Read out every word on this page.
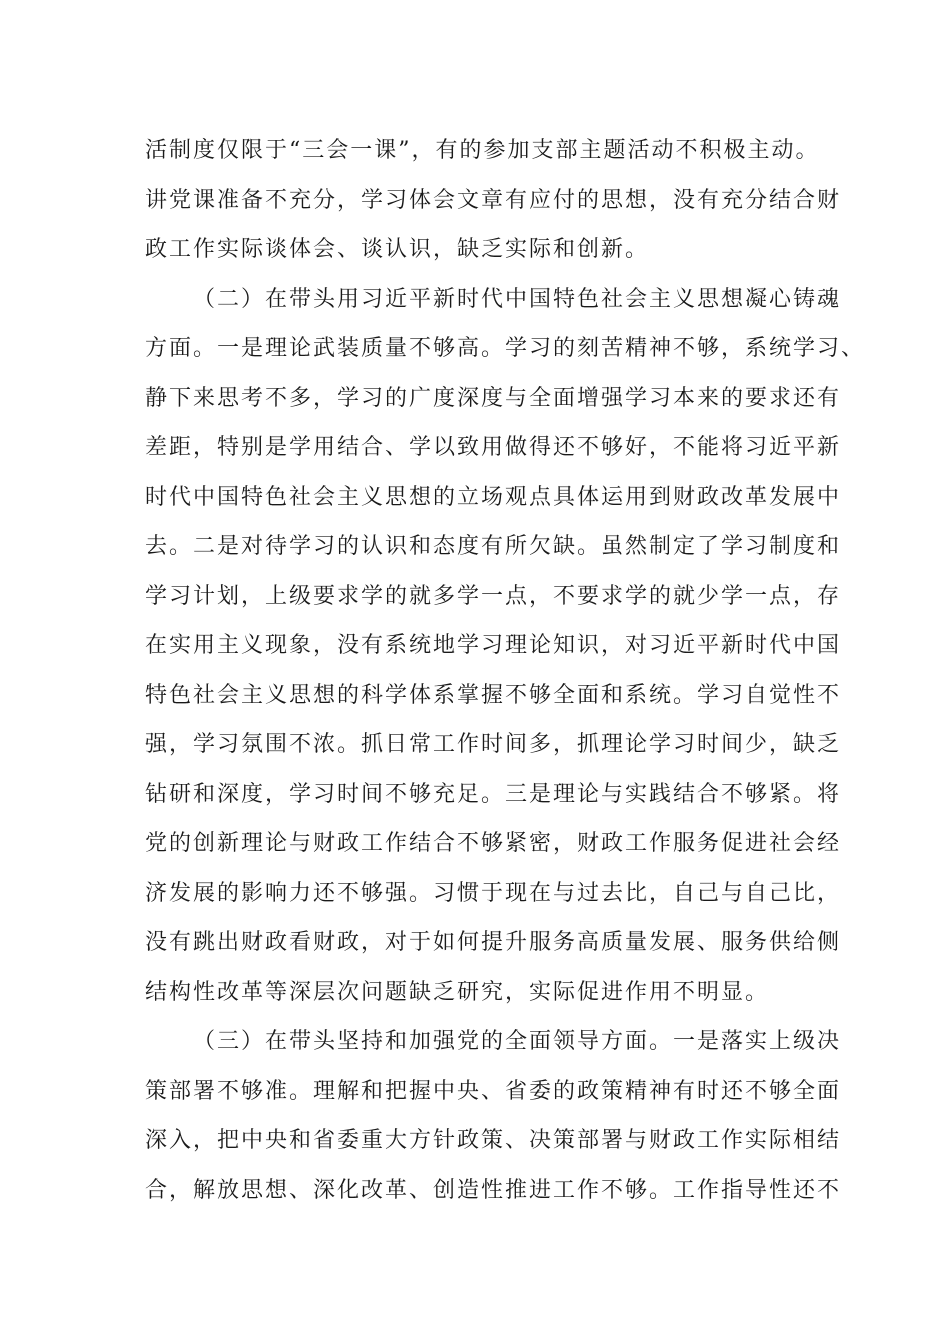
活制度仅限于“三会一课”，有的参加支部主题活动不积极主动。
讲党课准备不充分，学习体会文章有应付的思想，没有充分结合财
政工作实际谈体会、谈认识，缺乏实际和创新。
（二）在带头用习近平新时代中国特色社会主义思想凝心铸魂
方面。一是理论武装质量不够高。学习的刻苦精神不够，系统学习、
静下来思考不多，学习的广度深度与全面增强学习本来的要求还有
差距，特别是学用结合、学以致用做得还不够好，不能将习近平新
时代中国特色社会主义思想的立场观点具体运用到财政改革发展中
去。二是对待学习的认识和态度有所欠缺。虽然制定了学习制度和
学习计划，上级要求学的就多学一点，不要求学的就少学一点，存
在实用主义现象，没有系统地学习理论知识，对习近平新时代中国
特色社会主义思想的科学体系掌握不够全面和系统。学习自觉性不
强，学习氛围不浓。抓日常工作时间多，抓理论学习时间少，缺乏
钻研和深度，学习时间不够充足。三是理论与实践结合不够紧。将
党的创新理论与财政工作结合不够紧密，财政工作服务促进社会经
济发展的影响力还不够强。习惯于现在与过去比，自己与自己比，
没有跳出财政看财政，对于如何提升服务高质量发展、服务供给侧
结构性改革等深层次问题缺乏研究，实际促进作用不明显。
（三）在带头坚持和加强党的全面领导方面。一是落实上级决
策部署不够准。理解和把握中央、省委的政策精神有时还不够全面
深入，把中央和省委重大方针政策、决策部署与财政工作实际相结
合，解放思想、深化改革、创造性推进工作不够。工作指导性还不
